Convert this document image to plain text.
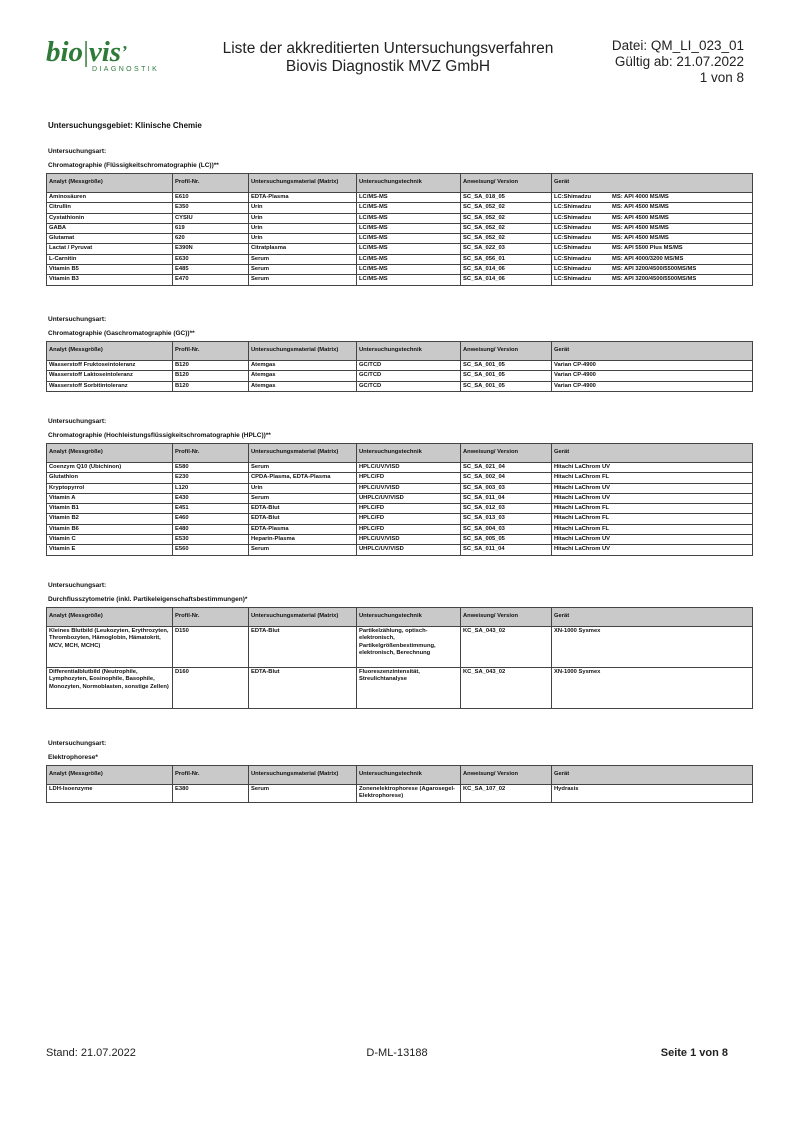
bio|vis’
DIAGNOSTIK
Liste der akkreditierten Untersuchungsverfahren
Biovis Diagnostik MVZ GmbH
Datei: QM_LI_023_01
Gültig ab: 21.07.2022
1 von 8
Untersuchungsgebiet: Klinische Chemie
Untersuchungsart:
Chromatographie (Flüssigkeitschromatographie (LC))**
Analyt (Messgröße)	Profil-Nr.	Untersuchungsmaterial (Matrix)	Untersuchungstechnik	Anweisung/ Version	Gerät
Aminosäuren	E610	EDTA-Plasma	LC/MS-MS	SC_SA_018_05	LC:Shimadzu MS: API 4000 MS/MS

Citrullin	E350	Urin	LC/MS-MS	SC_SA_052_02	LC:Shimadzu MS: API 4500 MS/MS

Cystathionin	CYSIU	Urin	LC/MS-MS	SC_SA_052_02	LC:Shimadzu MS: API 4500 MS/MS

GABA	619	Urin	LC/MS-MS	SC_SA_052_02	LC:Shimadzu MS: API 4500 MS/MS

Glutamat	620	Urin	LC/MS-MS	SC_SA_052_02	LC:Shimadzu MS: API 4500 MS/MS

Lactat / Pyruvat	E390N	Citratplasma	LC/MS-MS	SC_SA_022_03	LC:Shimadzu MS: API 5500 Plus MS/MS

L-Carnitin	E630	Serum	LC/MS-MS	SC_SA_056_01	LC:Shimadzu MS: API 4000/3200 MS/MS

Vitamin B5	E485	Serum	LC/MS-MS	SC_SA_014_06	LC:Shimadzu MS: API 3200/4500/5500MS/MS

Vitamin B3	E470	Serum	LC/MS-MS	SC_SA_014_06	LC:Shimadzu MS: API 3200/4500/5500MS/MS
Untersuchungsart:
Chromatographie (Gaschromatographie (GC))**
Analyt (Messgröße)	Profil-Nr.	Untersuchungsmaterial (Matrix)	Untersuchungstechnik	Anweisung/ Version	Gerät
Wasserstoff Fruktoseintoleranz	B120	Atemgas	GC/TCD	SC_SA_001_05	Varian CP-4900
Wasserstoff Laktoseintoleranz	B120	Atemgas	GC/TCD	SC_SA_001_05	Varian CP-4900
Wasserstoff Sorbitintoleranz	B120	Atemgas	GC/TCD	SC_SA_001_05	Varian CP-4900
Untersuchungsart:
Chromatographie (Hochleistungsflüssigkeitschromatographie (HPLC))**
Analyt (Messgröße)	Profil-Nr.	Untersuchungsmaterial (Matrix)	Untersuchungstechnik	Anweisung/ Version	Gerät
Coenzym Q10 (Ubichinon)	E580	Serum	HPLC/UV/VISD	SC_SA_021_04	Hitachi LaChrom UV
Glutathion	E230	CPDA-Plasma, EDTA-Plasma	HPLC/FD	SC_SA_002_04	Hitachi LaChrom FL
Kryptopyrrol	L120	Urin	HPLC/UV/VISD	SC_SA_003_03	Hitachi LaChrom UV
Vitamin A	E430	Serum	UHPLC/UV/VISD	SC_SA_011_04	Hitachi LaChrom UV
Vitamin B1	E451	EDTA-Blut	HPLC/FD	SC_SA_012_03	Hitachi LaChrom FL
Vitamin B2	E460	EDTA-Blut	HPLC/FD	SC_SA_013_03	Hitachi LaChrom FL
Vitamin B6	E480	EDTA-Plasma	HPLC/FD	SC_SA_004_03	Hitachi LaChrom FL
Vitamin C	E530	Heparin-Plasma	HPLC/UV/VISD	SC_SA_005_05	Hitachi LaChrom UV
Vitamin E	E560	Serum	UHPLC/UV/VISD	SC_SA_011_04	Hitachi LaChrom UV
Untersuchungsart:
Durchflusszytometrie (inkl. Partikeleigenschaftsbestimmungen)*
Analyt (Messgröße)	Profil-Nr.	Untersuchungsmaterial (Matrix)	Untersuchungstechnik	Anweisung/ Version	Gerät
Kleines Blutbild (Leukozyten, Erythrozyten, Thrombozyten, Hämoglobin, Hämatokrit, MCV, MCH, MCHC)	D150	EDTA-Blut	Partikelzählung, optisch-elektronisch, Partikelgrößenbestimmung, elektronisch, Berechnung	KC_SA_043_02	XN-1000 Sysmex
Differentialblutbild (Neutrophile, Lymphozyten, Eosinophile, Basophile, Monozyten, Normoblasten, sonstige Zellen)	D160	EDTA-Blut	Fluoreszenzintensität, Streulichtanalyse	KC_SA_043_02	XN-1000 Sysmex
Untersuchungsart:
Elektrophorese*
Analyt (Messgröße)	Profil-Nr.	Untersuchungsmaterial (Matrix)	Untersuchungstechnik	Anweisung/ Version	Gerät
LDH-Isoenzyme	E380	Serum	Zonenelektrophorese (Agarosegel-Elektrophorese)	KC_SA_107_02	Hydrasis
Stand: 21.07.2022	D-ML-13188	Seite 1 von 8
